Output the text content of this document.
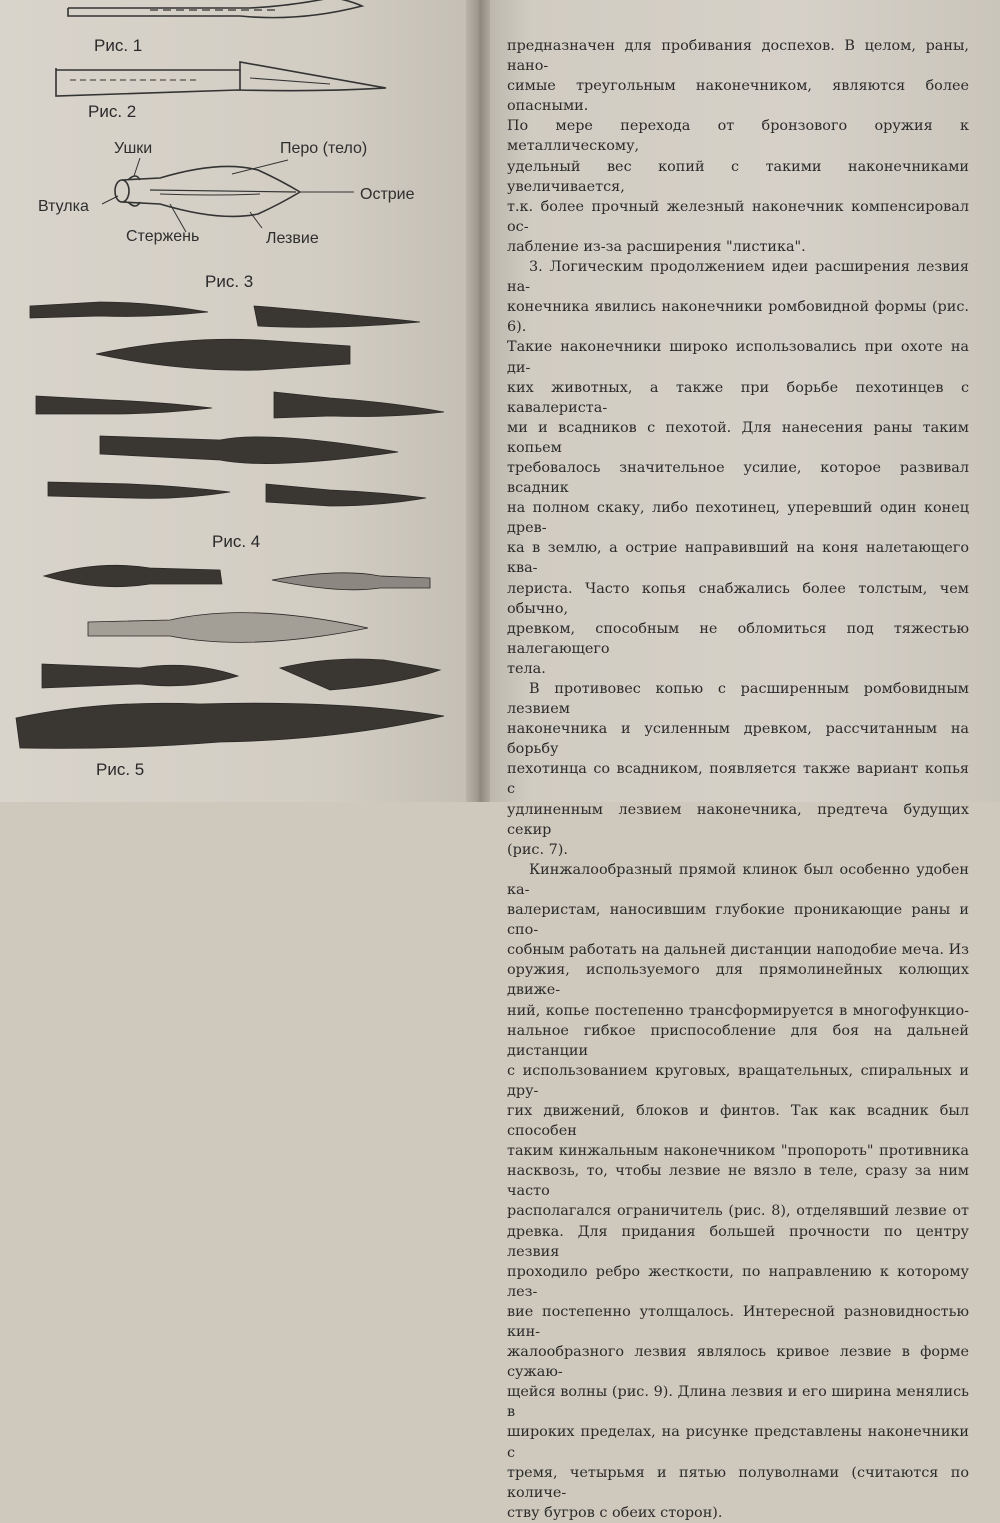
Рис. 1

Рис. 2

Рис. 3

Рис. 4

Рис. 5

Ушки	Перо (тело)
Острие
Втулка
Стержень	Лезвие

предназначен для пробивания доспехов. В целом, раны, нано-

симые треугольным наконечником, являются более опасными.

По мере перехода от бронзового оружия к металлическому,

удельный вес копий с такими наконечниками увеличивается,

т.к. более прочный железный наконечник компенсировал ос-

лабление из-за расширения "листика".

3. Логическим продолжением идеи расширения лезвия на-

конечника явились наконечники ромбовидной формы (рис. 6).

Такие наконечники широко использовались при охоте на ди-

ких животных, а также при борьбе пехотинцев с кавалериста-

ми и всадников с пехотой. Для нанесения раны таким копьем

требовалось значительное усилие, которое развивал всадник

на полном скаку, либо пехотинец, уперевший один конец древ-

ка в землю, а острие направивший на коня налетающего ква-

лериста. Часто копья снабжались более толстым, чем обычно,

древком, способным не обломиться под тяжестью налегающего

тела.

В противовес копью с расширенным ромбовидным лезвием

наконечника и усиленным древком, рассчитанным на борьбу

пехотинца со всадником, появляется также вариант копья с

удлиненным лезвием наконечника, предтеча будущих секир

(рис. 7).

Кинжалообразный прямой клинок был особенно удобен ка-

валеристам, наносившим глубокие проникающие раны и спо-

собным работать на дальней дистанции наподобие меча. Из

оружия, используемого для прямолинейных колющих движе-

ний, копье постепенно трансформируется в многофункцио-

нальное гибкое приспособление для боя на дальней дистанции

с использованием круговых, вращательных, спиральных и дру-

гих движений, блоков и финтов. Так как всадник был способен

таким кинжальным наконечником "пропороть" противника

насквозь, то, чтобы лезвие не вязло в теле, сразу за ним часто

располагался ограничитель (рис. 8), отделявший лезвие от

древка. Для придания большей прочности по центру лезвия

проходило ребро жесткости, по направлению к которому лез-

вие постепенно утолщалось. Интересной разновидностью кин-

жалообразного лезвия являлось кривое лезвие в форме сужаю-

щейся волны (рис. 9). Длина лезвия и его ширина менялись в

широких пределах, на рисунке представлены наконечники с

тремя, четырьмя и пятью полуволнами (считаются по количе-

ству бугров с обеих сторон).
